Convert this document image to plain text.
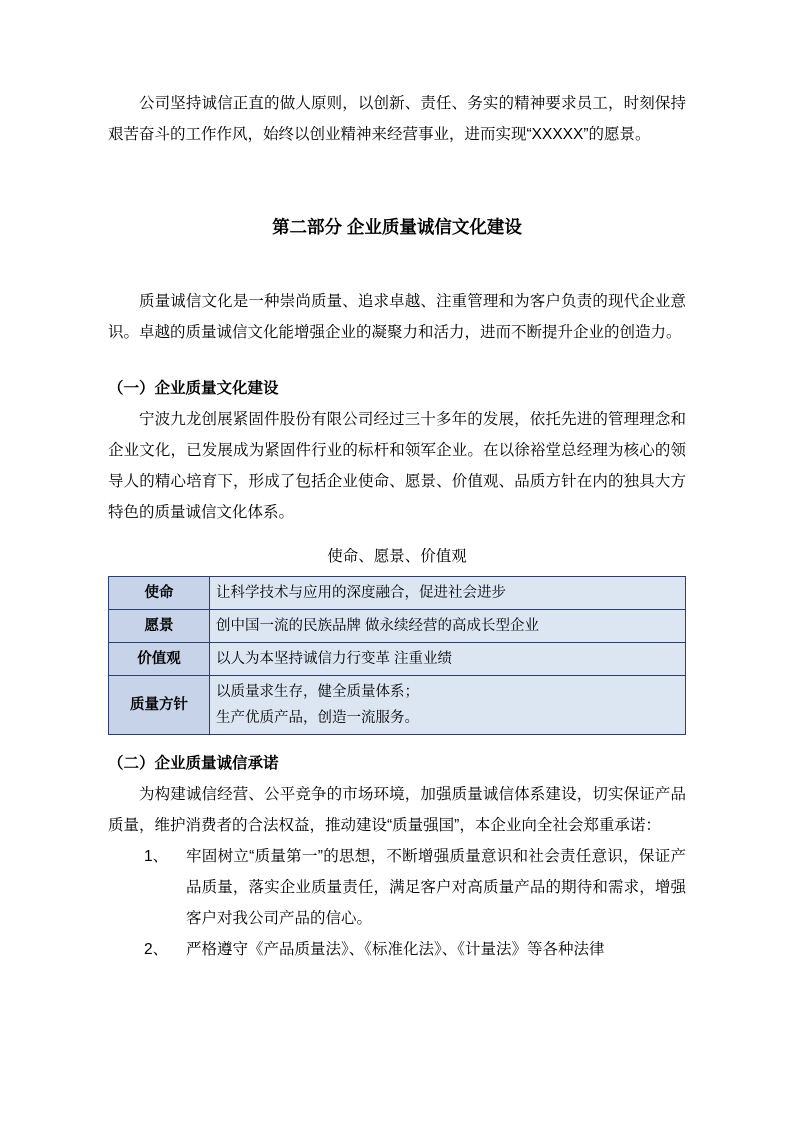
公司坚持诚信正直的做人原则，以创新、责任、务实的精神要求员工，时刻保持艰苦奋斗的工作作风，始终以创业精神来经营事业，进而实现“XXXXX”的愿景。

第二部分 企业质量诚信文化建设

质量诚信文化是一种崇尚质量、追求卓越、注重管理和为客户负责的现代企业意识。卓越的质量诚信文化能增强企业的凝聚力和活力，进而不断提升企业的创造力。

（一）企业质量文化建设

宁波九龙创展紧固件股份有限公司经过三十多年的发展，依托先进的管理理念和企业文化，已发展成为紧固件行业的标杆和领军企业。在以徐裕堂总经理为核心的领导人的精心培育下，形成了包括企业使命、愿景、价值观、品质方针在内的独具大方特色的质量诚信文化体系。

使命、愿景、价值观

使命	让科学技术与应用的深度融合，促进社会进步
愿景	创中国一流的民族品牌 做永续经营的高成长型企业
价值观	以人为本坚持诚信力行变革 注重业绩
质量方针	以质量求生存，健全质量体系；
生产优质产品，创造一流服务。
（二）企业质量诚信承诺

为构建诚信经营、公平竞争的市场环境，加强质量诚信体系建设，切实保证产品质量，维护消费者的合法权益，推动建设“质量强国”，本企业向全社会郑重承诺：

1、	牢固树立“质量第一”的思想，不断增强质量意识和社会责任意识，保证产品质量，落实企业质量责任，满足客户对高质量产品的期待和需求，增强客户对我公司产品的信心。
2、	严格遵守《产品质量法》、《标准化法》、《计量法》等各种法律
